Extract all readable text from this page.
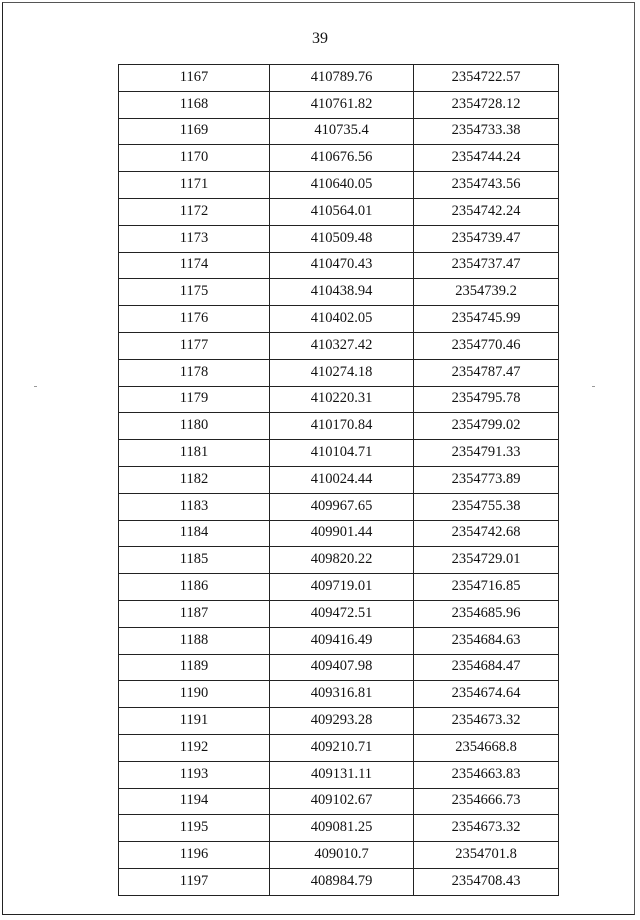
39
1167	410789.76	2354722.57
1168	410761.82	2354728.12
1169	410735.4	2354733.38
1170	410676.56	2354744.24
1171	410640.05	2354743.56
1172	410564.01	2354742.24
1173	410509.48	2354739.47
1174	410470.43	2354737.47
1175	410438.94	2354739.2
1176	410402.05	2354745.99
1177	410327.42	2354770.46
1178	410274.18	2354787.47
1179	410220.31	2354795.78
1180	410170.84	2354799.02
1181	410104.71	2354791.33
1182	410024.44	2354773.89
1183	409967.65	2354755.38
1184	409901.44	2354742.68
1185	409820.22	2354729.01
1186	409719.01	2354716.85
1187	409472.51	2354685.96
1188	409416.49	2354684.63
1189	409407.98	2354684.47
1190	409316.81	2354674.64
1191	409293.28	2354673.32
1192	409210.71	2354668.8
1193	409131.11	2354663.83
1194	409102.67	2354666.73
1195	409081.25	2354673.32
1196	409010.7	2354701.8
1197	408984.79	2354708.43
